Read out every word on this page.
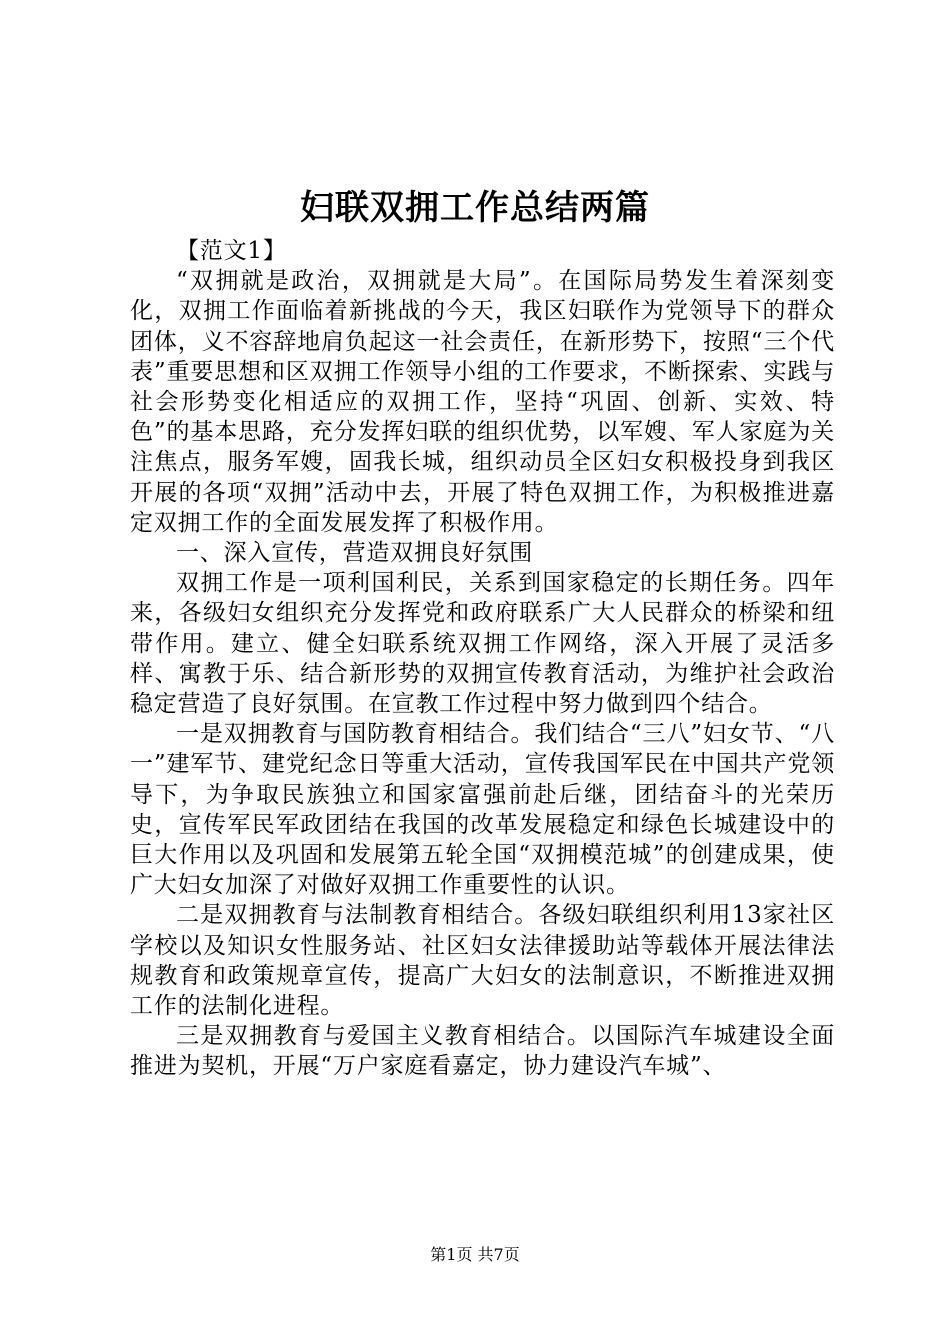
妇联双拥工作总结两篇

【范文1】

“双拥就是政治，双拥就是大局”。在国际局势发生着深刻变化，双拥工作面临着新挑战的今天，我区妇联作为党领导下的群众团体，义不容辞地肩负起这一社会责任，在新形势下，按照“三个代表”重要思想和区双拥工作领导小组的工作要求，不断探索、实践与社会形势变化相适应的双拥工作，坚持“巩固、创新、实效、特色”的基本思路，充分发挥妇联的组织优势，以军嫂、军人家庭为关注焦点，服务军嫂，固我长城，组织动员全区妇女积极投身到我区开展的各项“双拥”活动中去，开展了特色双拥工作，为积极推进嘉定双拥工作的全面发展发挥了积极作用。

一、深入宣传，营造双拥良好氛围

双拥工作是一项利国利民，关系到国家稳定的长期任务。四年来，各级妇女组织充分发挥党和政府联系广大人民群众的桥梁和纽带作用。建立、健全妇联系统双拥工作网络，深入开展了灵活多样、寓教于乐、结合新形势的双拥宣传教育活动，为维护社会政治稳定营造了良好氛围。在宣教工作过程中努力做到四个结合。

一是双拥教育与国防教育相结合。我们结合“三八”妇女节、“八一”建军节、建党纪念日等重大活动，宣传我国军民在中国共产党领导下，为争取民族独立和国家富强前赴后继，团结奋斗的光荣历史，宣传军民军政团结在我国的改革发展稳定和绿色长城建设中的巨大作用以及巩固和发展第五轮全国“双拥模范城”的创建成果，使广大妇女加深了对做好双拥工作重要性的认识。

二是双拥教育与法制教育相结合。各级妇联组织利用13家社区学校以及知识女性服务站、社区妇女法律援助站等载体开展法律法规教育和政策规章宣传，提高广大妇女的法制意识，不断推进双拥工作的法制化进程。

三是双拥教育与爱国主义教育相结合。以国际汽车城建设全面推进为契机，开展“万户家庭看嘉定，协力建设汽车城”、

第1页 共7页
